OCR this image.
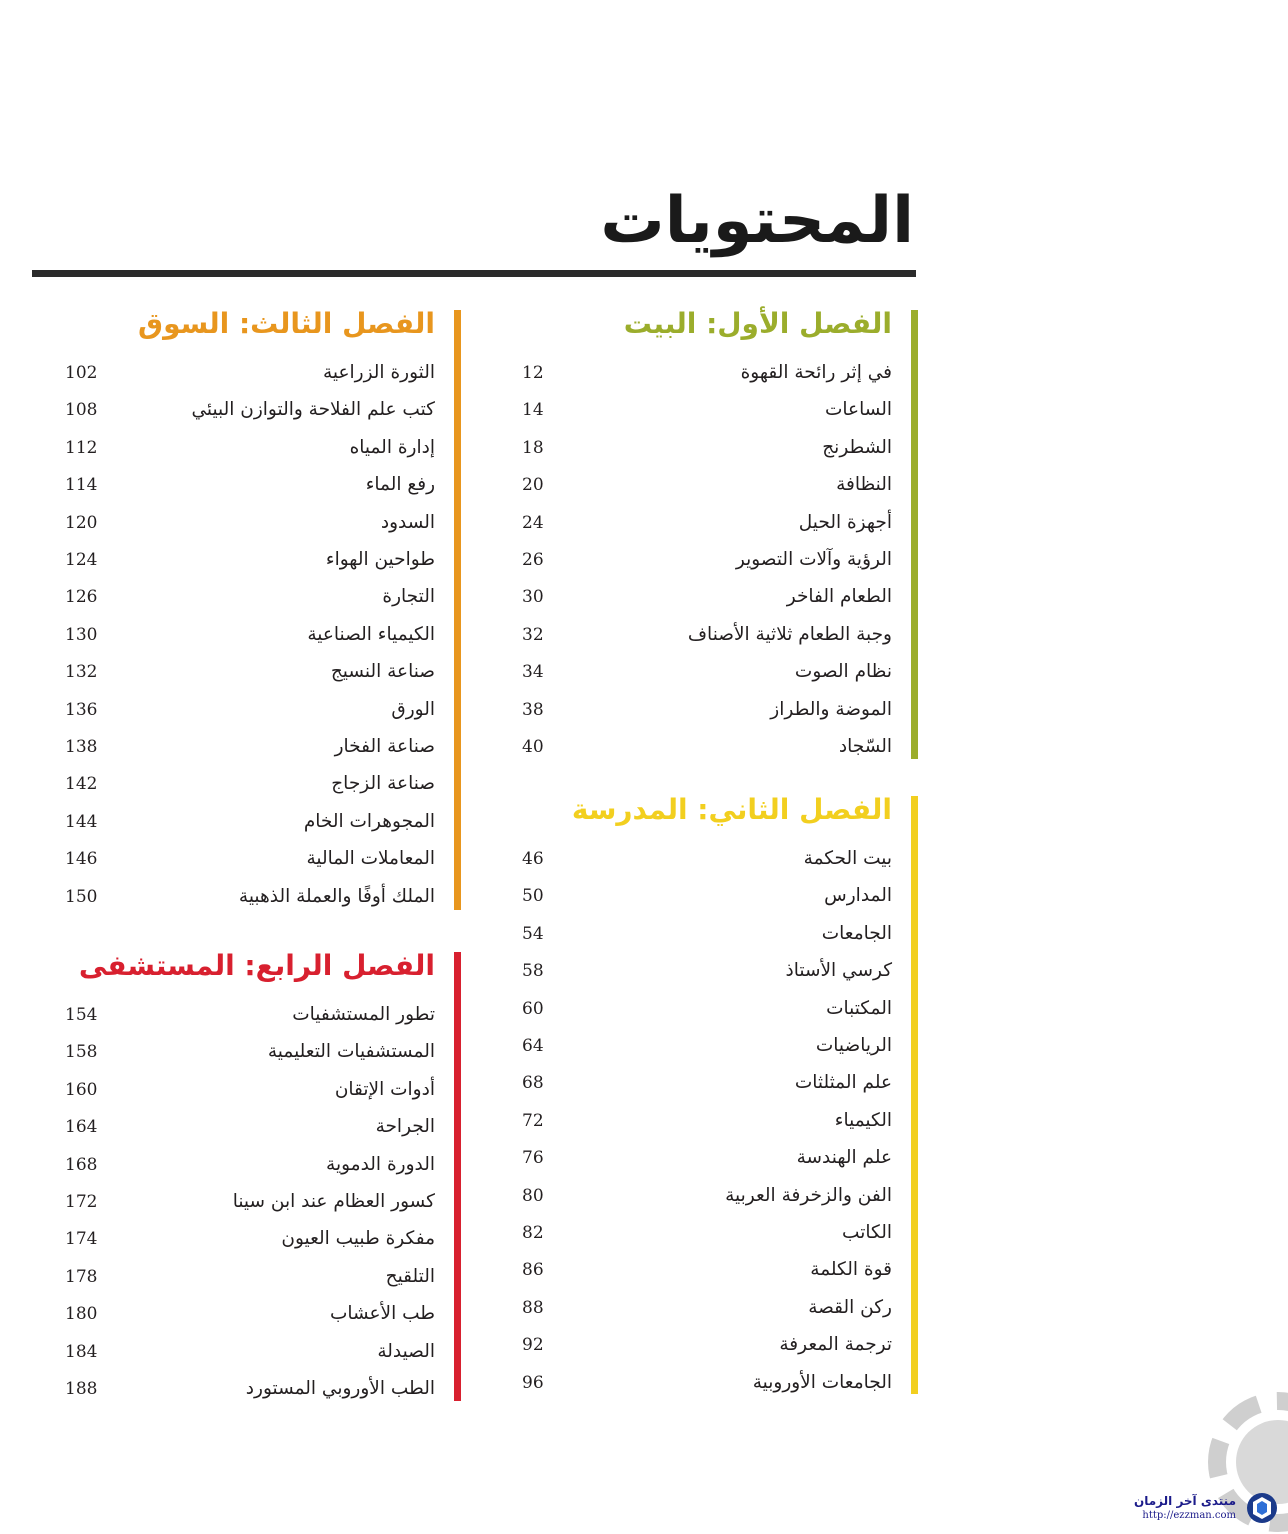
المحتويات
الفصل الأول: البيت
في إثر رائحة القهوة
12
الساعات
14
الشطرنج
18
النظافة
20
أجهزة الحيل
24
الرؤية وآلات التصوير
26
الطعام الفاخر
30
وجبة الطعام ثلاثية الأصناف
32
نظام الصوت
34
الموضة والطراز
38
السّجاد
40
الفصل الثاني: المدرسة
بيت الحكمة
46
المدارس
50
الجامعات
54
كرسي الأستاذ
58
المكتبات
60
الرياضيات
64
علم المثلثات
68
الكيمياء
72
علم الهندسة
76
الفن والزخرفة العربية
80
الكاتب
82
قوة الكلمة
86
ركن القصة
88
ترجمة المعرفة
92
الجامعات الأوروبية
96
الفصل الثالث: السوق
الثورة الزراعية
102
كتب علم الفلاحة والتوازن البيئي
108
إدارة المياه
112
رفع الماء
114
السدود
120
طواحين الهواء
124
التجارة
126
الكيمياء الصناعية
130
صناعة النسيج
132
الورق
136
صناعة الفخار
138
صناعة الزجاج
142
المجوهرات الخام
144
المعاملات المالية
146
الملك أوفًا والعملة الذهبية
150
الفصل الرابع: المستشفى
تطور المستشفيات
154
المستشفيات التعليمية
158
أدوات الإتقان
160
الجراحة
164
الدورة الدموية
168
كسور العظام عند ابن سينا
172
مفكرة طبيب العيون
174
التلقيح
178
طب الأعشاب
180
الصيدلة
184
الطب الأوروبي المستورد
188
منتدى آخر الزمان
http://ezzman.com
